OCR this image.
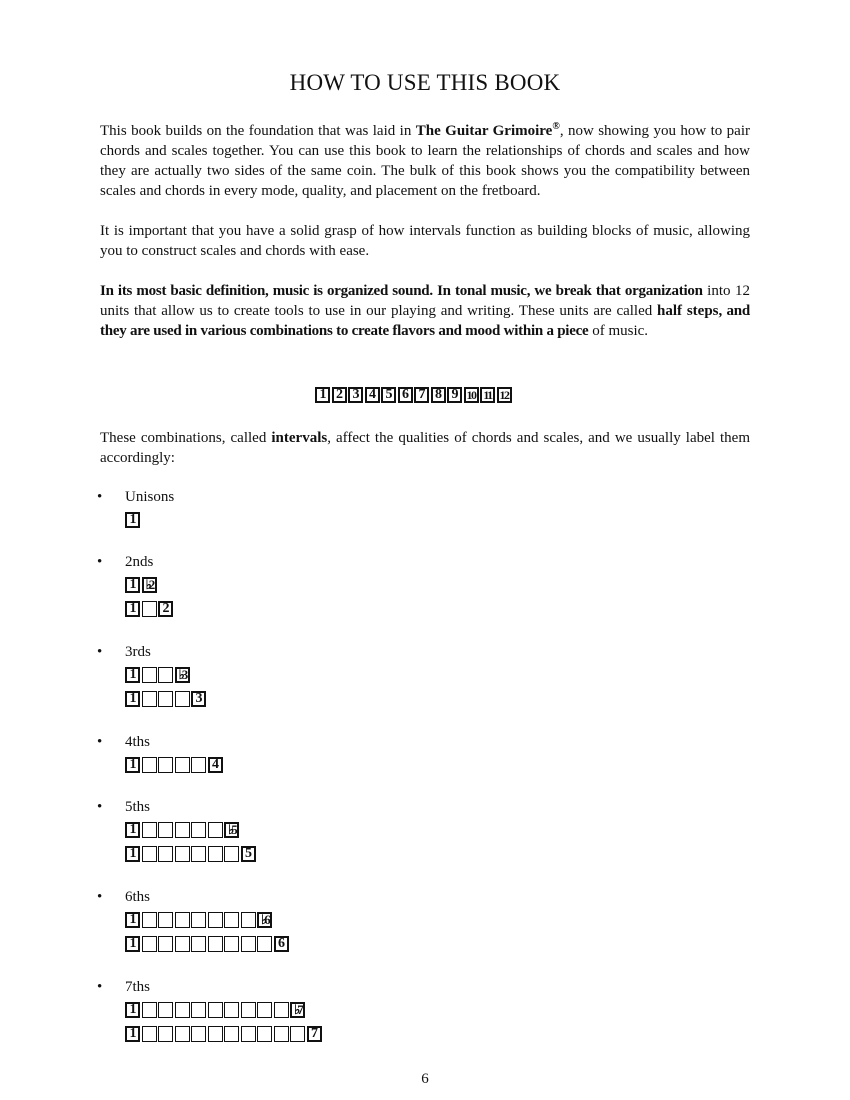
HOW TO USE THIS BOOK

This book builds on the foundation that was laid in The Guitar Grimoire®, now showing you how to pair chords and scales together. You can use this book to learn the relationships of chords and scales and how they are actually two sides of the same coin. The bulk of this book shows you the compatibility between scales and chords in every mode, quality, and placement on the fretboard.

It is important that you have a solid grasp of how intervals function as building blocks of music, allowing you to construct scales and chords with ease.

In its most basic definition, music is organized sound. In tonal music, we break that organization into 12 units that allow us to create tools to use in our playing and writing. These units are called half steps, and they are used in various combinations to create flavors and mood within a piece of music.

1 2 3 4 5 6 7 8 9 10 11 12

These combinations, called intervals, affect the qualities of chords and scales, and we usually label them accordingly:

• Unisons
1
• 2nds
1 ♭2
1	2
• 3rds
1	♭3
1	3
• 4ths
1	4
• 5ths
1	♭5
1	5
• 6ths
1	♭6
1	6
• 7ths
1	♭7
1	7
6
